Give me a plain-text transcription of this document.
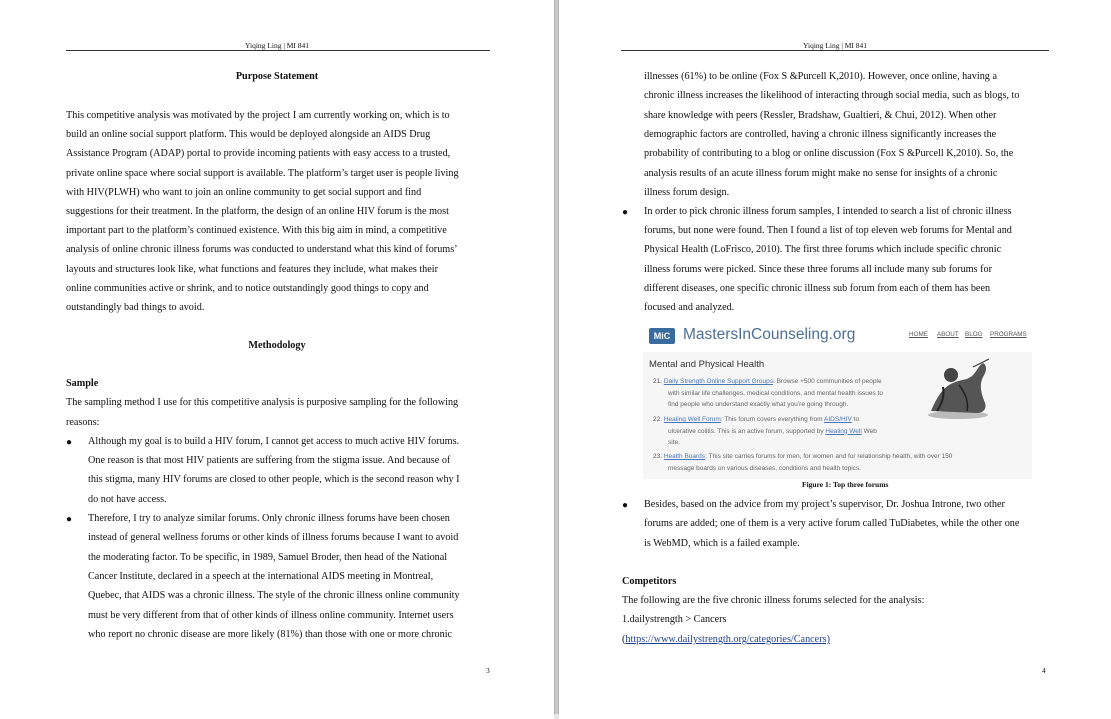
Yiqing Ling | MI 841
Purpose Statement
This competitive analysis was motivated by the project I am currently working on, which is to
build an online social support platform. This would be deployed alongside an AIDS Drug
Assistance Program (ADAP) portal to provide incoming patients with easy access to a trusted,
private online space where social support is available. The platform’s target user is people living
with HIV(PLWH) who want to join an online community to get social support and find
suggestions for their treatment. In the platform, the design of an online HIV forum is the most
important part to the platform’s continued existence. With this big aim in mind, a competitive
analysis of online chronic illness forums was conducted to understand what this kind of forums’
layouts and structures look like, what functions and features they include, what makes their
online communities active or shrink, and to notice outstandingly good things to copy and
outstandingly bad things to avoid.
Methodology
Sample
The sampling method I use for this competitive analysis is purposive sampling for the following
reasons:
●
Although my goal is to build a HIV forum, I cannot get access to much active HIV forums.
One reason is that most HIV patients are suffering from the stigma issue. And because of
this stigma, many HIV forums are closed to other people, which is the second reason why I
do not have access.
●
Therefore, I try to analyze similar forums. Only chronic illness forums have been chosen
instead of general wellness forums or other kinds of illness forums because I want to avoid
the moderating factor. To be specific, in 1989, Samuel Broder, then head of the National
Cancer Institute, declared in a speech at the international AIDS meeting in Montreal,
Quebec, that AIDS was a chronic illness. The style of the chronic illness online community
must be very different from that of other kinds of illness online community. Internet users
who report no chronic disease are more likely (81%) than those with one or more chronic
3
Yiqing Ling | MI 841
4
illnesses (61%) to be online (Fox S &Purcell K,2010). However, once online, having a
chronic illness increases the likelihood of interacting through social media, such as blogs, to
share knowledge with peers (Ressler, Bradshaw, Gualtieri, & Chui, 2012). When other
demographic factors are controlled, having a chronic illness significantly increases the
probability of contributing to a blog or online discussion (Fox S &Purcell K,2010). So, the
analysis results of an acute illness forum might make no sense for insights of a chronic
illness forum design.
●
In order to pick chronic illness forum samples, I intended to search a list of chronic illness
forums, but none were found. Then I found a list of top eleven web forums for Mental and
Physical Health (LoFrisco, 2010). The first three forums which include specific chronic
illness forums were picked. Since these three forums all include many sub forums for
different diseases, one specific chronic illness sub forum from each of them has been
focused and analyzed.
MiC MastersInCounseling.org	HOME ABOUT BLOG PROGRAMS
Mental and Physical Health
21. Daily Strength Online Support Groups: Browse +500 communities of people
with similar life challenges, medical conditions, and mental health issues to
find people who understand exactly what you’re going through.
22. Healing Well Forum: This forum covers everything from AIDS/HIV to
ulcerative colitis. This is an active forum, supported by Healing Well Web
site.
23. Health Boards: This site carries forums for men, for women and for relationship health, with over 150
message boards on various diseases, conditions and health topics.
Figure 1: Top three forums
●
Besides, based on the advice from my project’s supervisor, Dr. Joshua Introne, two other
forums are added; one of them is a very active forum called TuDiabetes, while the other one
is WebMD, which is a failed example.
Competitors
The following are the five chronic illness forums selected for the analysis:
1.dailystrength > Cancers
(https://www.dailystrength.org/categories/Cancers)
